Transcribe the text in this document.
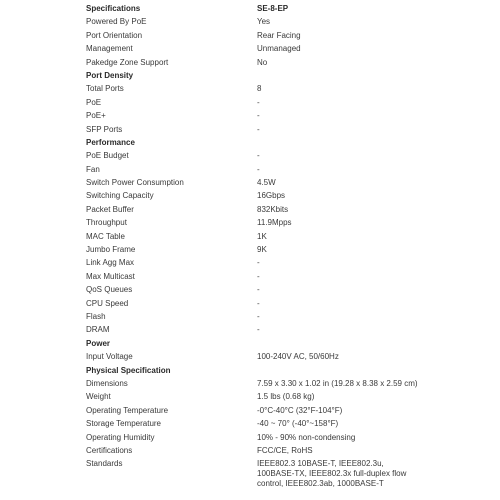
Specifications	SE-8-EP
Powered By PoE	Yes
Port Orientation	Rear Facing
Management	Unmanaged
Pakedge Zone Support	No
Port Density
Total Ports	8
PoE	-
PoE+	-
SFP Ports	-
Performance
PoE Budget	-
Fan	-
Switch Power Consumption	4.5W
Switching Capacity	16Gbps
Packet Buffer	832Kbits
Throughput	11.9Mpps
MAC Table	1K
Jumbo Frame	9K
Link Agg Max	-
Max Multicast	-
QoS Queues	-
CPU Speed	-
Flash	-
DRAM	-
Power
Input Voltage	100-240V AC, 50/60Hz
Physical Specification
Dimensions	7.59 x 3.30 x 1.02 in (19.28 x 8.38 x 2.59 cm)
Weight	1.5 lbs (0.68 kg)
Operating Temperature	-0°C-40°C (32°F-104°F)
Storage Temperature	-40 ~ 70° (-40°~158°F)
Operating Humidity	10% - 90% non-condensing
Certifications	FCC/CE, RoHS
Standards	IEEE802.3 10BASE-T, IEEE802.3u, 100BASE-TX, IEEE802.3x full-duplex flow control, IEEE802.3ab, 1000BASE-T
